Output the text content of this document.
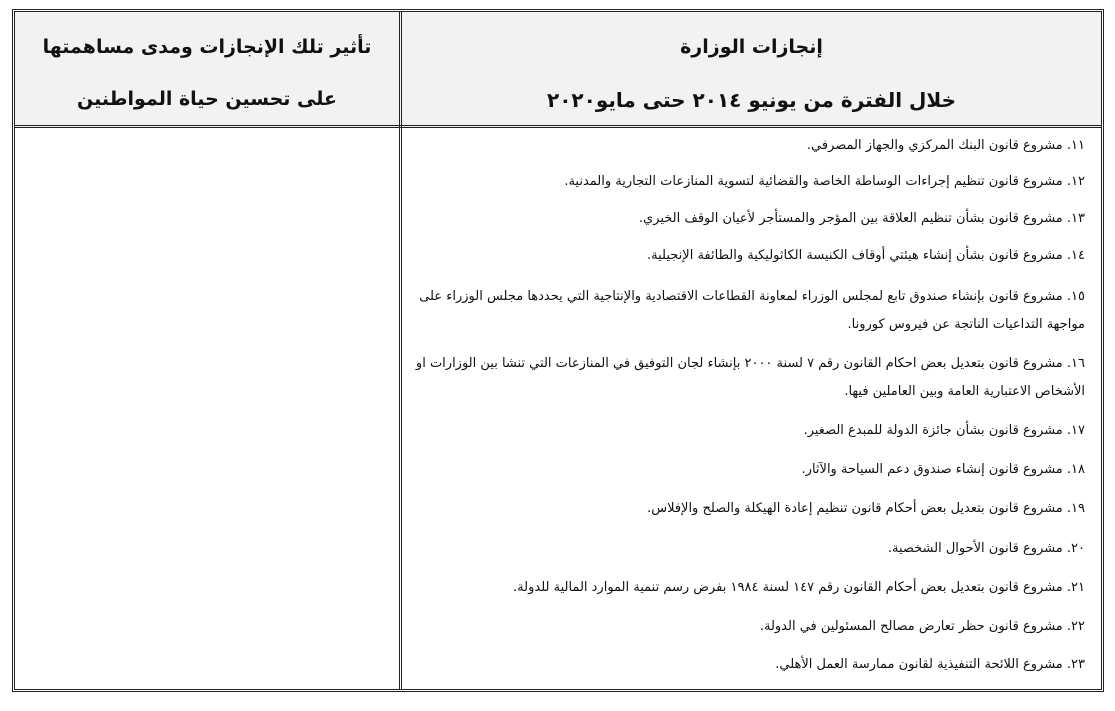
إنجازات الوزارة
خلال الفترة من يونيو ٢٠١٤ حتى مايو٢٠٢٠
تأثير تلك الإنجازات ومدى مساهمتها
على تحسين حياة المواطنين
١١. مشروع قانون البنك المركزي والجهاز المصرفي.
١٢. مشروع قانون تنظيم إجراءات الوساطة الخاصة والقضائية لتسوية المنازعات التجارية والمدنية.
١٣. مشروع قانون بشأن تنظيم العلاقة بين المؤجر والمستأجر لأعيان الوقف الخيري.
١٤. مشروع قانون بشأن إنشاء هيئتي أوقاف الكنيسة الكاثوليكية والطائفة الإنجيلية.
١٥. مشروع قانون بإنشاء صندوق تابع لمجلس الوزراء لمعاونة القطاعات الاقتصادية والإنتاجية التي يحددها مجلس الوزراء على مواجهة التداعيات الناتجة عن فيروس كورونا.
١٦. مشروع قانون بتعديل بعض احكام القانون رقم ٧ لسنة ٢٠٠٠ بإنشاء لجان التوفيق في المنازعات التي تنشا بين الوزارات او الأشخاص الاعتبارية العامة وبين العاملين فيها.
١٧. مشروع قانون بشأن جائزة الدولة للمبدع الصغير.
١٨. مشروع قانون إنشاء صندوق دعم السياحة والآثار.
١٩. مشروع قانون بتعديل بعض أحكام قانون تنظيم إعادة الهيكلة والصلح والإفلاس.
٢٠. مشروع قانون الأحوال الشخصية.
٢١. مشروع قانون بتعديل بعض أحكام القانون رقم ١٤٧ لسنة ١٩٨٤ بفرض رسم تنمية الموارد المالية للدولة.
٢٢. مشروع قانون حظر تعارض مصالح المسئولين في الدولة.
٢٣. مشروع اللائحة التنفيذية لقانون ممارسة العمل الأهلي.
